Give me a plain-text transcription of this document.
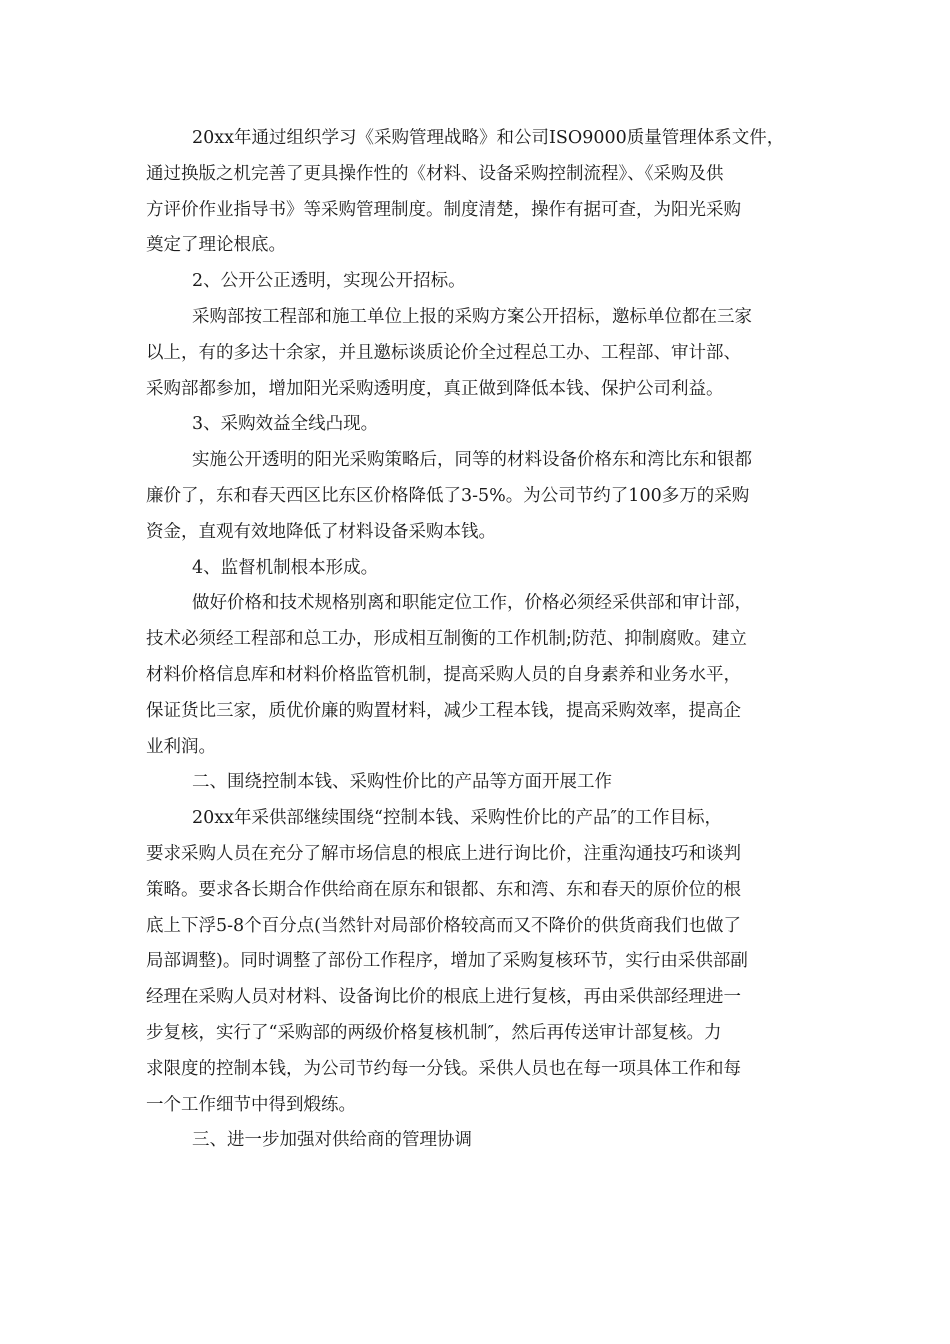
20xx年通过组织学习《采购管理战略》和公司ISO9000质量管理体系文件，
通过换版之机完善了更具操作性的《材料、设备采购控制流程》、《采购及供
方评价作业指导书》等采购管理制度。制度清楚，操作有据可查，为阳光采购
奠定了理论根底。
2、公开公正透明，实现公开招标。
采购部按工程部和施工单位上报的采购方案公开招标，邀标单位都在三家
以上，有的多达十余家，并且邀标谈质论价全过程总工办、工程部、审计部、
采购部都参加，增加阳光采购透明度，真正做到降低本钱、保护公司利益。
3、采购效益全线凸现。
实施公开透明的阳光采购策略后，同等的材料设备价格东和湾比东和银都
廉价了，东和春天西区比东区价格降低了3-5%。为公司节约了100多万的采购
资金，直观有效地降低了材料设备采购本钱。
4、监督机制根本形成。
做好价格和技术规格别离和职能定位工作，价格必须经采供部和审计部，
技术必须经工程部和总工办，形成相互制衡的工作机制;防范、抑制腐败。建立
材料价格信息库和材料价格监管机制，提高采购人员的自身素养和业务水平，
保证货比三家，质优价廉的购置材料，减少工程本钱，提高采购效率，提高企
业利润。
二、围绕控制本钱、采购性价比的产品等方面开展工作
20xx年采供部继续围绕“控制本钱、采购性价比的产品″的工作目标，
要求采购人员在充分了解市场信息的根底上进行询比价，注重沟通技巧和谈判
策略。要求各长期合作供给商在原东和银都、东和湾、东和春天的原价位的根
底上下浮5-8个百分点(当然针对局部价格较高而又不降价的供货商我们也做了
局部调整)。同时调整了部份工作程序，增加了采购复核环节，实行由采供部副
经理在采购人员对材料、设备询比价的根底上进行复核，再由采供部经理进一
步复核，实行了“采购部的两级价格复核机制″，然后再传送审计部复核。力
求限度的控制本钱，为公司节约每一分钱。采供人员也在每一项具体工作和每
一个工作细节中得到煅练。
三、进一步加强对供给商的管理协调
